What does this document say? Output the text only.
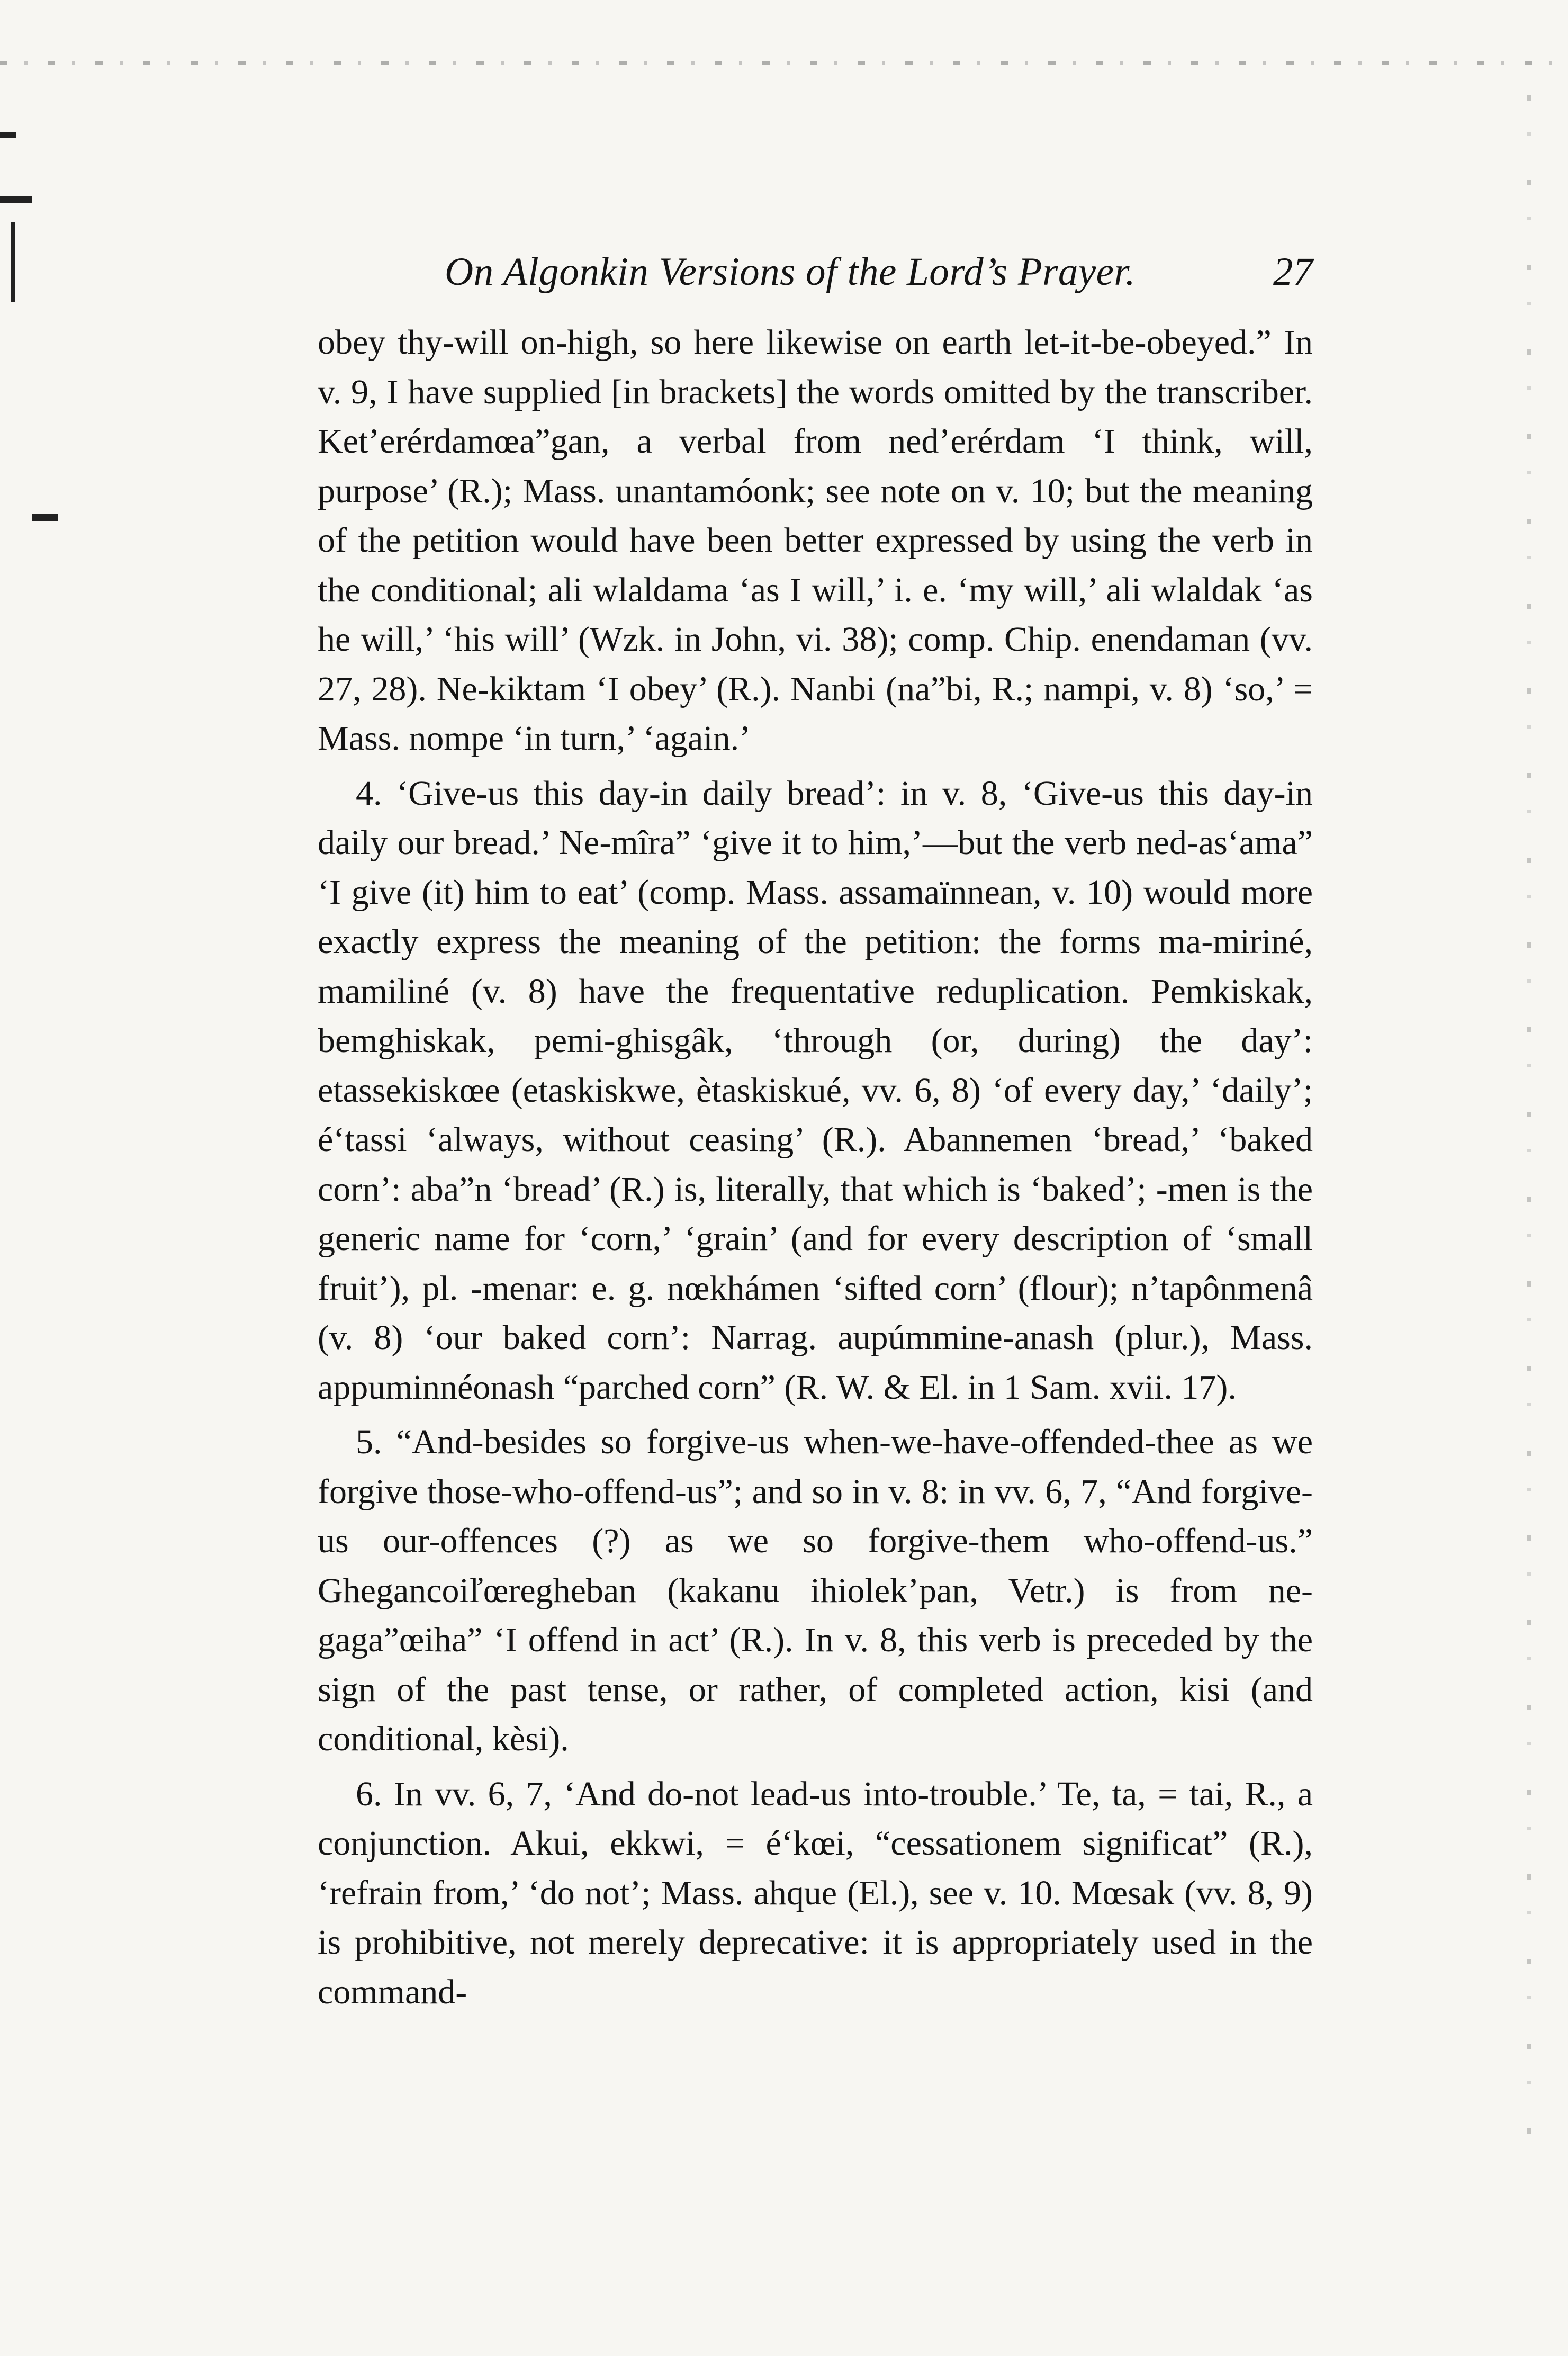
On Algonkin Versions of the Lord’s Prayer.	27

obey thy-will on-high, so here likewise on earth let-it-be-obeyed.” In v. 9, I have supplied [in brackets] the words omitted by the transcriber. Ket’erérdamœa”gan, a verbal from ned’erérdam ‘I think, will, purpose’ (R.); Mass. unantamóonk; see note on v. 10; but the meaning of the petition would have been better expressed by using the verb in the conditional; ali wlaldama ‘as I will,’ i. e. ‘my will,’ ali wlaldak ‘as he will,’ ‘his will’ (Wzk. in John, vi. 38); comp. Chip. enendaman (vv. 27, 28). Ne-kiktam ‘I obey’ (R.). Nanbi (na”bi, R.; nampi, v. 8) ‘so,’ = Mass. nompe ‘in turn,’ ‘again.’

4. ‘Give-us this day-in daily bread’: in v. 8, ‘Give-us this day-in daily our bread.’ Ne-mîra” ‘give it to him,’—but the verb ned-as‘ama” ‘I give (it) him to eat’ (comp. Mass. assamaïnnean, v. 10) would more exactly express the meaning of the petition: the forms ma-miriné, mamiliné (v. 8) have the frequentative reduplication. Pemkiskak, bemghiskak, pemi-ghisgâk, ‘through (or, during) the day’: etassekiskœe (etaskiskwe, ètaskiskué, vv. 6, 8) ‘of every day,’ ‘daily’; é‘tassi ‘always, without ceasing’ (R.). Abannemen ‘bread,’ ‘baked corn’: aba”n ‘bread’ (R.) is, literally, that which is ‘baked’; -men is the generic name for ‘corn,’ ‘grain’ (and for every description of ‘small fruit’), pl. -menar: e. g. nœkhámen ‘sifted corn’ (flour); n’tapônmenâ (v. 8) ‘our baked corn’: Narrag. aupúmmine-anash (plur.), Mass. appuminnéonash “parched corn” (R. W. & El. in 1 Sam. xvii. 17).

5. “And-besides so forgive-us when-we-have-offended-thee as we forgive those-who-offend-us”; and so in v. 8: in vv. 6, 7, “And forgive-us our-offences (?) as we so forgive-them who-offend-us.” Ghegancoiľœregheban (kakanu ihiolek’pan, Vetr.) is from ne-gaga”œiha” ‘I offend in act’ (R.). In v. 8, this verb is preceded by the sign of the past tense, or rather, of completed action, kisi (and conditional, kèsi).

6. In vv. 6, 7, ‘And do-not lead-us into-trouble.’ Te, ta, = tai, R., a conjunction. Akui, ekkwi, = é‘kœi, “cessationem significat” (R.), ‘refrain from,’ ‘do not’; Mass. ahque (El.), see v. 10. Mœsak (vv. 8, 9) is prohibitive, not merely deprecative: it is appropriately used in the command-
